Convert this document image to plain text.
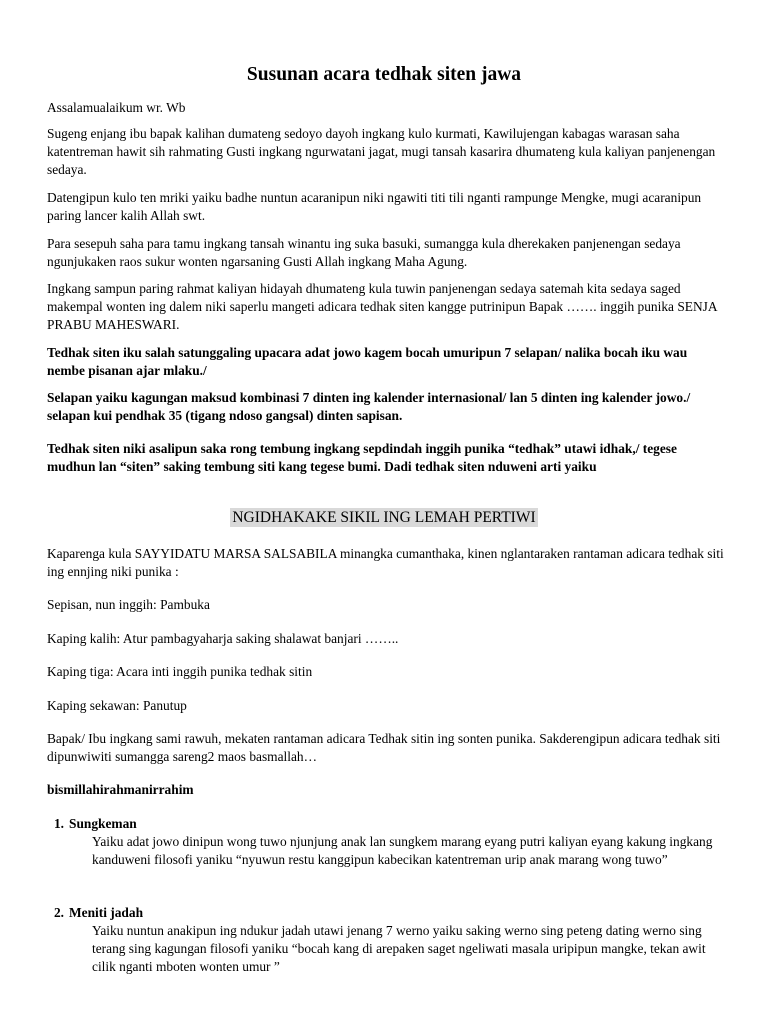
Susunan acara tedhak siten jawa

Assalamualaikum wr. Wb

Sugeng enjang ibu bapak kalihan dumateng sedoyo dayoh ingkang kulo kurmati, Kawilujengan kabagas warasan saha katentreman hawit sih rahmating Gusti ingkang ngurwatani jagat, mugi tansah kasarira dhumateng kula kaliyan panjenengan sedaya.

Datengipun kulo ten mriki yaiku badhe nuntun acaranipun niki ngawiti titi tili nganti rampunge Mengke, mugi acaranipun paring lancer kalih Allah swt.

Para sesepuh saha para tamu ingkang tansah winantu ing suka basuki, sumangga kula dherekaken panjenengan sedaya ngunjukaken raos sukur wonten ngarsaning Gusti Allah ingkang Maha Agung.

Ingkang sampun paring rahmat kaliyan hidayah dhumateng kula tuwin panjenengan sedaya satemah kita sedaya saged makempal wonten ing dalem niki saperlu mangeti adicara tedhak siten kangge putrinipun Bapak ……. inggih punika SENJA PRABU MAHESWARI.

Tedhak siten iku salah satunggaling upacara adat jowo kagem bocah umuripun 7 selapan/ nalika bocah iku wau nembe pisanan ajar mlaku./

Selapan yaiku kagungan maksud kombinasi 7 dinten ing kalender internasional/ lan 5 dinten ing kalender jowo./ selapan kui pendhak 35 (tigang ndoso gangsal) dinten sapisan.

Tedhak siten niki asalipun saka rong tembung ingkang sepdindah inggih punika “tedhak” utawi idhak,/ tegese mudhun lan “siten” saking tembung siti kang tegese bumi. Dadi tedhak siten nduweni arti yaiku

NGIDHAKAKE SIKIL ING LEMAH PERTIWI

Kaparenga kula SAYYIDATU MARSA SALSABILA minangka cumanthaka, kinen nglantaraken rantaman adicara tedhak siti ing ennjing niki punika :

Sepisan, nun inggih: Pambuka

Kaping kalih: Atur pambagyaharja saking shalawat banjari ……..

Kaping tiga: Acara inti inggih punika tedhak sitin

Kaping sekawan: Panutup

Bapak/ Ibu ingkang sami rawuh, mekaten rantaman adicara Tedhak sitin ing sonten punika. Sakderengipun adicara tedhak siti dipunwiwiti sumangga sareng2 maos basmallah…

bismillahirahmanirrahim

1. Sungkeman

Yaiku adat jowo dinipun wong tuwo njunjung anak lan sungkem marang eyang putri kaliyan eyang kakung ingkang kanduweni filosofi yaniku “nyuwun restu kanggipun kabecikan katentreman urip anak marang wong tuwo”

2. Meniti jadah

Yaiku nuntun anakipun ing ndukur jadah utawi jenang 7 werno yaiku saking werno sing peteng dating werno sing terang sing kagungan filosofi yaniku “bocah kang di arepaken saget ngeliwati masala uripipun mangke, tekan awit cilik nganti mboten wonten umur ”
